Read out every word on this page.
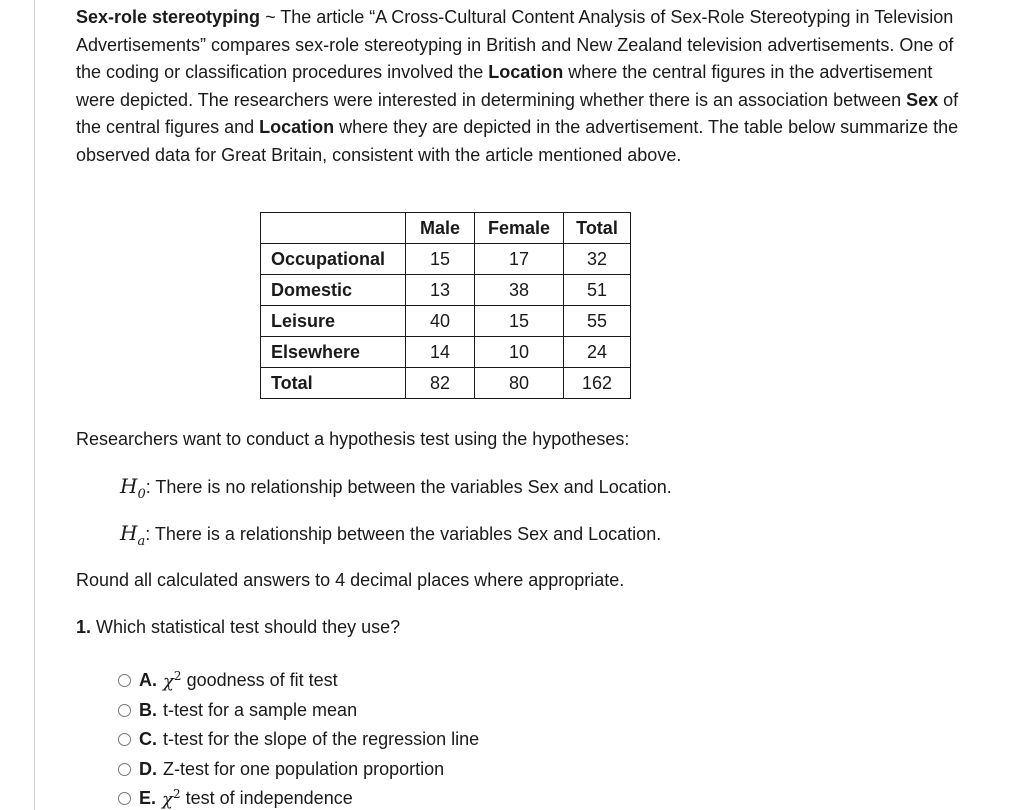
Sex-role stereotyping ~ The article “A Cross-Cultural Content Analysis of Sex-Role Stereotyping in Television Advertisements” compares sex-role stereotyping in British and New Zealand television advertisements. One of the coding or classification procedures involved the Location where the central figures in the advertisement were depicted. The researchers were interested in determining whether there is an association between Sex of the central figures and Location where they are depicted in the advertisement. The table below summarize the observed data for Great Britain, consistent with the article mentioned above.

	Male	Female	Total
Occupational	15	17	32
Domestic	13	38	51
Leisure	40	15	55
Elsewhere	14	10	24
Total	82	80	162
Researchers want to conduct a hypothesis test using the hypotheses:
$H_0$: There is no relationship between the variables Sex and Location.
$H_a$: There is a relationship between the variables Sex and Location.
Round all calculated answers to 4 decimal places where appropriate.
1. Which statistical test should they use?
A. $\chi^2$ goodness of fit test
B. t-test for a sample mean
C. t-test for the slope of the regression line
D. Z-test for one population proportion
E. $\chi^2$ test of independence
